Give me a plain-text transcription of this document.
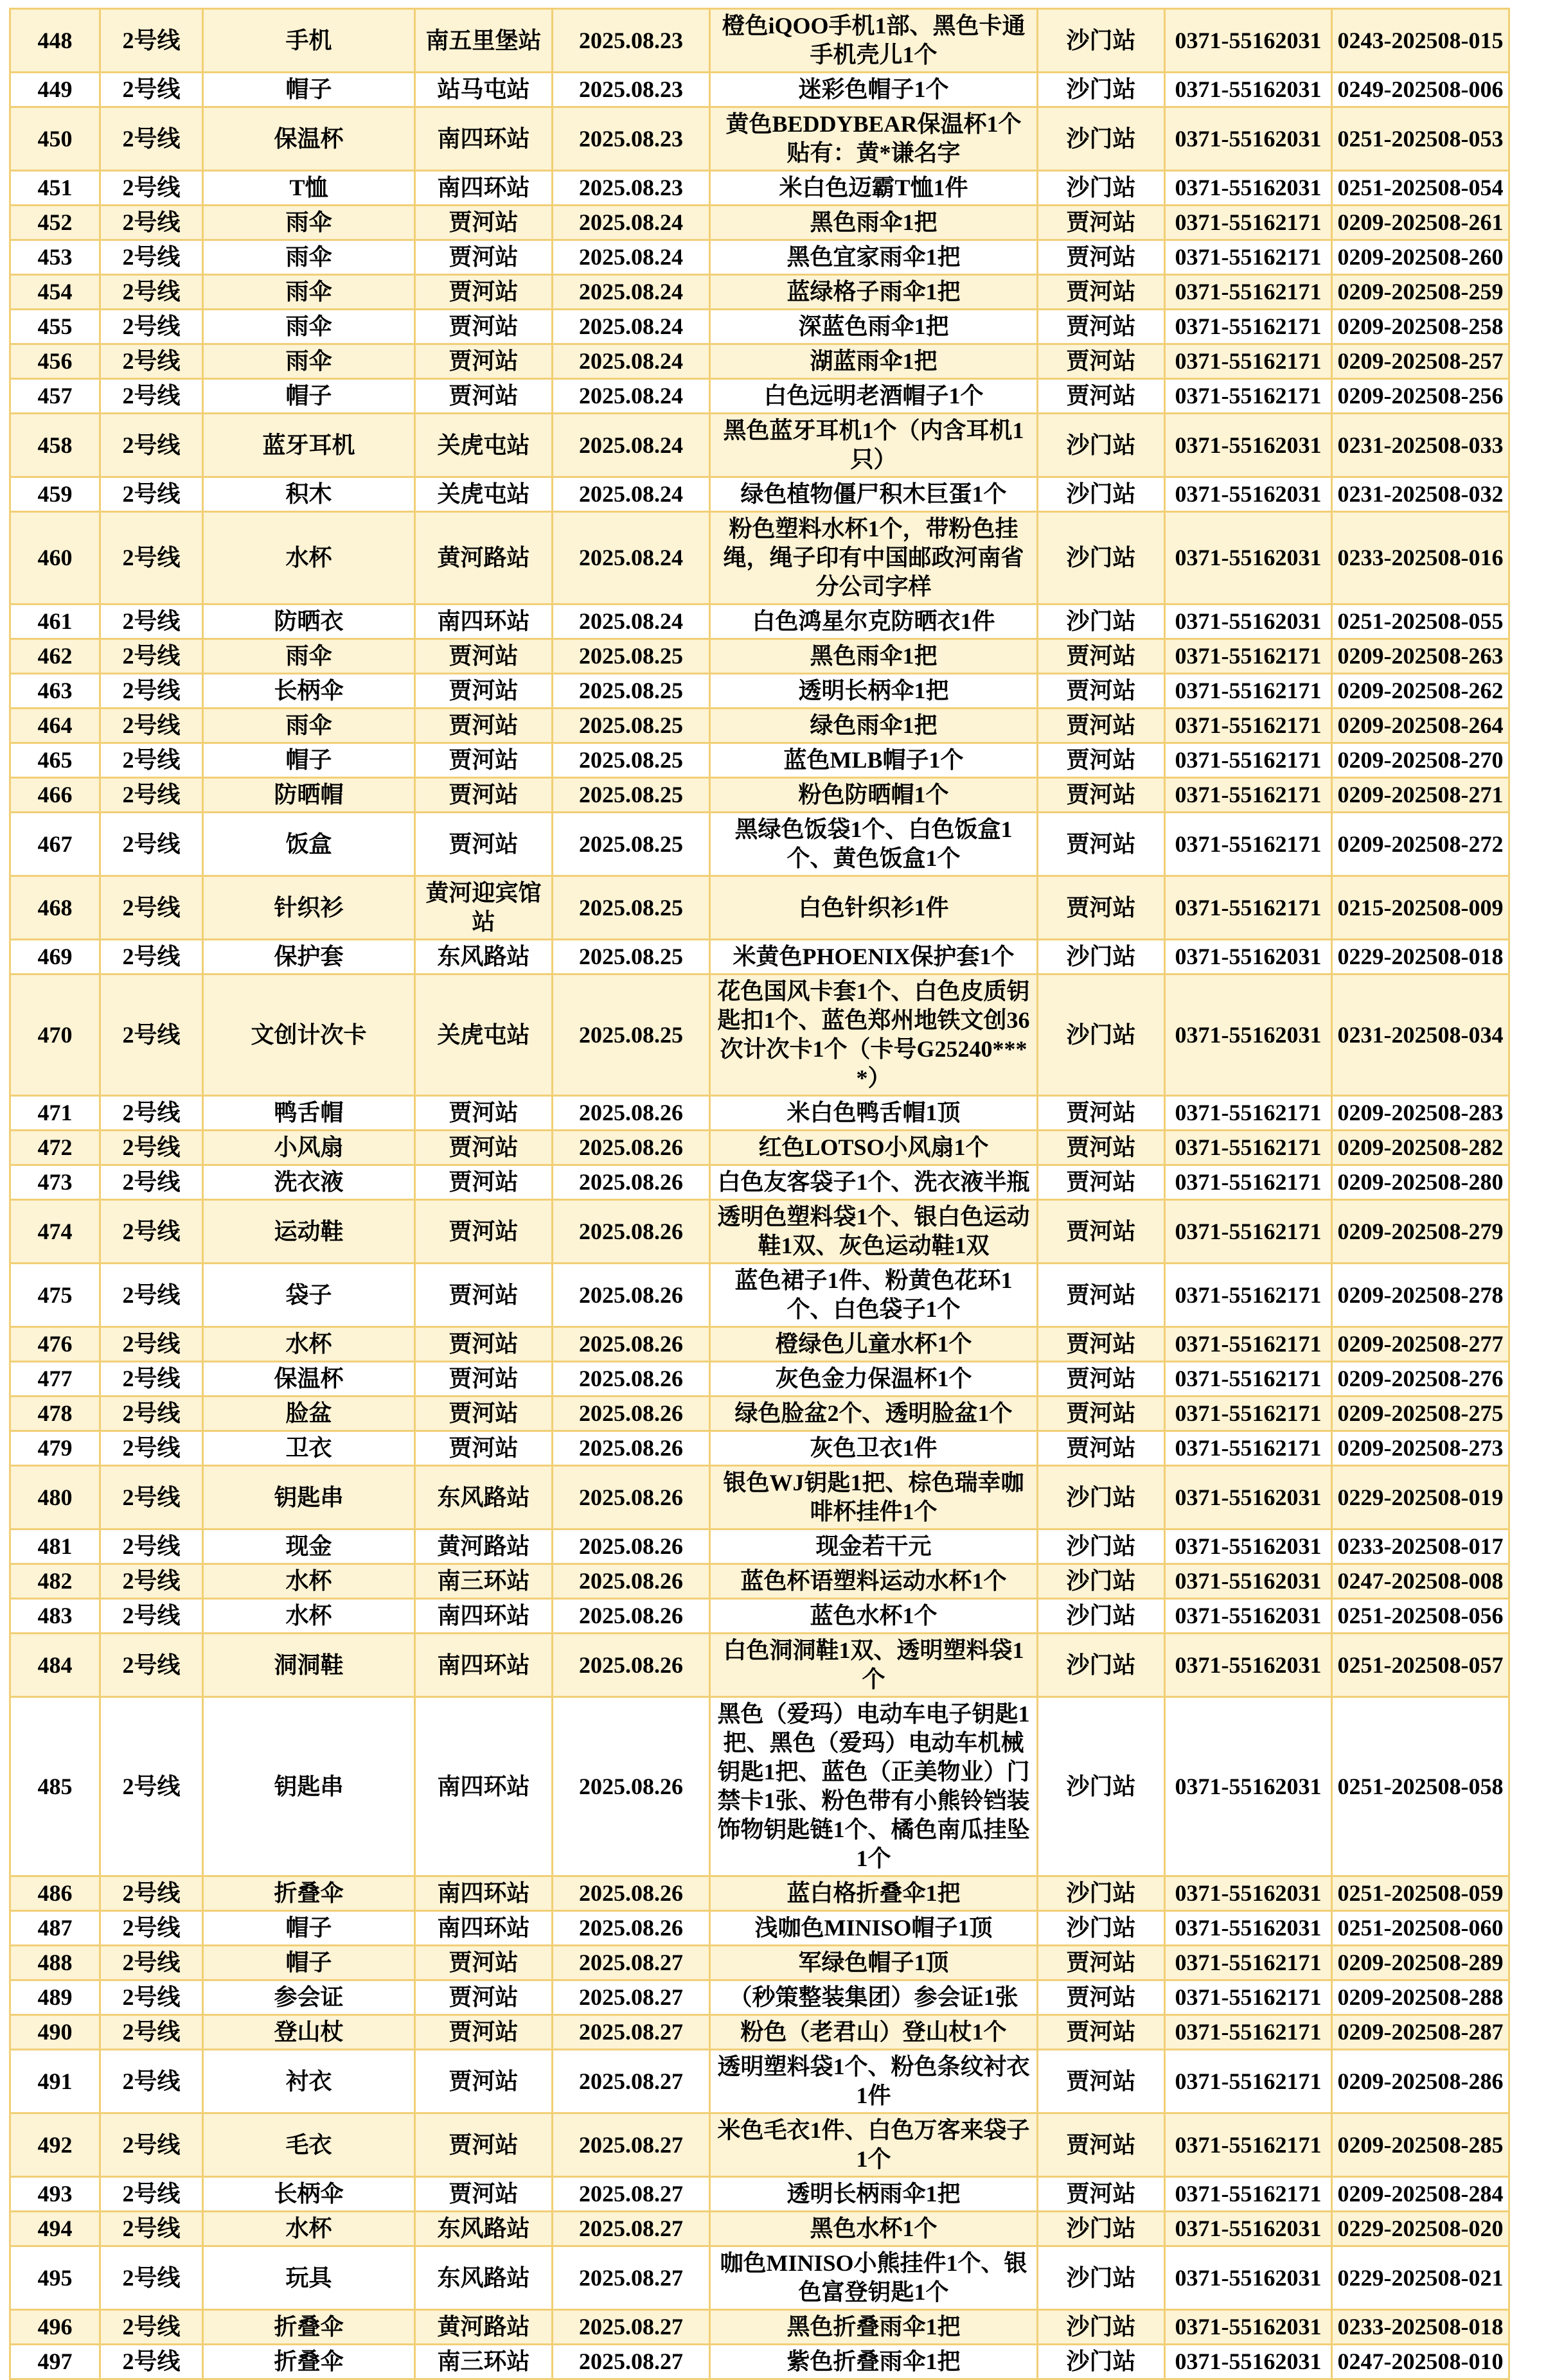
448	2号线	手机	南五里堡站	2025.08.23	橙色iQOO手机1部、黑色卡通手机壳儿1个	沙门站	0371-55162031	0243-202508-015
449	2号线	帽子	站马屯站	2025.08.23	迷彩色帽子1个	沙门站	0371-55162031	0249-202508-006
450	2号线	保温杯	南四环站	2025.08.23	黄色BEDDYBEAR保温杯1个 贴有：黄*谦名字	沙门站	0371-55162031	0251-202508-053
451	2号线	T恤	南四环站	2025.08.23	米白色迈霸T恤1件	沙门站	0371-55162031	0251-202508-054
452	2号线	雨伞	贾河站	2025.08.24	黑色雨伞1把	贾河站	0371-55162171	0209-202508-261
453	2号线	雨伞	贾河站	2025.08.24	黑色宜家雨伞1把	贾河站	0371-55162171	0209-202508-260
454	2号线	雨伞	贾河站	2025.08.24	蓝绿格子雨伞1把	贾河站	0371-55162171	0209-202508-259
455	2号线	雨伞	贾河站	2025.08.24	深蓝色雨伞1把	贾河站	0371-55162171	0209-202508-258
456	2号线	雨伞	贾河站	2025.08.24	湖蓝雨伞1把	贾河站	0371-55162171	0209-202508-257
457	2号线	帽子	贾河站	2025.08.24	白色远明老酒帽子1个	贾河站	0371-55162171	0209-202508-256
458	2号线	蓝牙耳机	关虎屯站	2025.08.24	黑色蓝牙耳机1个（内含耳机1只）	沙门站	0371-55162031	0231-202508-033
459	2号线	积木	关虎屯站	2025.08.24	绿色植物僵尸积木巨蛋1个	沙门站	0371-55162031	0231-202508-032
460	2号线	水杯	黄河路站	2025.08.24	粉色塑料水杯1个，带粉色挂绳，绳子印有中国邮政河南省分公司字样	沙门站	0371-55162031	0233-202508-016
461	2号线	防晒衣	南四环站	2025.08.24	白色鸿星尔克防晒衣1件	沙门站	0371-55162031	0251-202508-055
462	2号线	雨伞	贾河站	2025.08.25	黑色雨伞1把	贾河站	0371-55162171	0209-202508-263
463	2号线	长柄伞	贾河站	2025.08.25	透明长柄伞1把	贾河站	0371-55162171	0209-202508-262
464	2号线	雨伞	贾河站	2025.08.25	绿色雨伞1把	贾河站	0371-55162171	0209-202508-264
465	2号线	帽子	贾河站	2025.08.25	蓝色MLB帽子1个	贾河站	0371-55162171	0209-202508-270
466	2号线	防晒帽	贾河站	2025.08.25	粉色防晒帽1个	贾河站	0371-55162171	0209-202508-271
467	2号线	饭盒	贾河站	2025.08.25	黑绿色饭袋1个、白色饭盒1个、黄色饭盒1个	贾河站	0371-55162171	0209-202508-272
468	2号线	针织衫	黄河迎宾馆站	2025.08.25	白色针织衫1件	贾河站	0371-55162171	0215-202508-009
469	2号线	保护套	东风路站	2025.08.25	米黄色PHOENIX保护套1个	沙门站	0371-55162031	0229-202508-018
470	2号线	文创计次卡	关虎屯站	2025.08.25	花色国风卡套1个、白色皮质钥匙扣1个、蓝色郑州地铁文创36次计次卡1个（卡号G25240****）	沙门站	0371-55162031	0231-202508-034
471	2号线	鸭舌帽	贾河站	2025.08.26	米白色鸭舌帽1顶	贾河站	0371-55162171	0209-202508-283
472	2号线	小风扇	贾河站	2025.08.26	红色LOTSO小风扇1个	贾河站	0371-55162171	0209-202508-282
473	2号线	洗衣液	贾河站	2025.08.26	白色友客袋子1个、洗衣液半瓶	贾河站	0371-55162171	0209-202508-280
474	2号线	运动鞋	贾河站	2025.08.26	透明色塑料袋1个、银白色运动鞋1双、灰色运动鞋1双	贾河站	0371-55162171	0209-202508-279
475	2号线	袋子	贾河站	2025.08.26	蓝色裙子1件、粉黄色花环1个、白色袋子1个	贾河站	0371-55162171	0209-202508-278
476	2号线	水杯	贾河站	2025.08.26	橙绿色儿童水杯1个	贾河站	0371-55162171	0209-202508-277
477	2号线	保温杯	贾河站	2025.08.26	灰色金力保温杯1个	贾河站	0371-55162171	0209-202508-276
478	2号线	脸盆	贾河站	2025.08.26	绿色脸盆2个、透明脸盆1个	贾河站	0371-55162171	0209-202508-275
479	2号线	卫衣	贾河站	2025.08.26	灰色卫衣1件	贾河站	0371-55162171	0209-202508-273
480	2号线	钥匙串	东风路站	2025.08.26	银色WJ钥匙1把、棕色瑞幸咖啡杯挂件1个	沙门站	0371-55162031	0229-202508-019
481	2号线	现金	黄河路站	2025.08.26	现金若干元	沙门站	0371-55162031	0233-202508-017
482	2号线	水杯	南三环站	2025.08.26	蓝色杯语塑料运动水杯1个	沙门站	0371-55162031	0247-202508-008
483	2号线	水杯	南四环站	2025.08.26	蓝色水杯1个	沙门站	0371-55162031	0251-202508-056
484	2号线	洞洞鞋	南四环站	2025.08.26	白色洞洞鞋1双、透明塑料袋1个	沙门站	0371-55162031	0251-202508-057
485	2号线	钥匙串	南四环站	2025.08.26	黑色（爱玛）电动车电子钥匙1把、黑色（爱玛）电动车机械钥匙1把、蓝色（正美物业）门禁卡1张、粉色带有小熊铃铛装饰物钥匙链1个、橘色南瓜挂坠1个	沙门站	0371-55162031	0251-202508-058
486	2号线	折叠伞	南四环站	2025.08.26	蓝白格折叠伞1把	沙门站	0371-55162031	0251-202508-059
487	2号线	帽子	南四环站	2025.08.26	浅咖色MINISO帽子1顶	沙门站	0371-55162031	0251-202508-060
488	2号线	帽子	贾河站	2025.08.27	军绿色帽子1顶	贾河站	0371-55162171	0209-202508-289
489	2号线	参会证	贾河站	2025.08.27	（秒策整装集团）参会证1张	贾河站	0371-55162171	0209-202508-288
490	2号线	登山杖	贾河站	2025.08.27	粉色（老君山）登山杖1个	贾河站	0371-55162171	0209-202508-287
491	2号线	衬衣	贾河站	2025.08.27	透明塑料袋1个、粉色条纹衬衣1件	贾河站	0371-55162171	0209-202508-286
492	2号线	毛衣	贾河站	2025.08.27	米色毛衣1件、白色万客来袋子1个	贾河站	0371-55162171	0209-202508-285
493	2号线	长柄伞	贾河站	2025.08.27	透明长柄雨伞1把	贾河站	0371-55162171	0209-202508-284
494	2号线	水杯	东风路站	2025.08.27	黑色水杯1个	沙门站	0371-55162031	0229-202508-020
495	2号线	玩具	东风路站	2025.08.27	咖色MINISO小熊挂件1个、银色富登钥匙1个	沙门站	0371-55162031	0229-202508-021
496	2号线	折叠伞	黄河路站	2025.08.27	黑色折叠雨伞1把	沙门站	0371-55162031	0233-202508-018
497	2号线	折叠伞	南三环站	2025.08.27	紫色折叠雨伞1把	沙门站	0371-55162031	0247-202508-010
